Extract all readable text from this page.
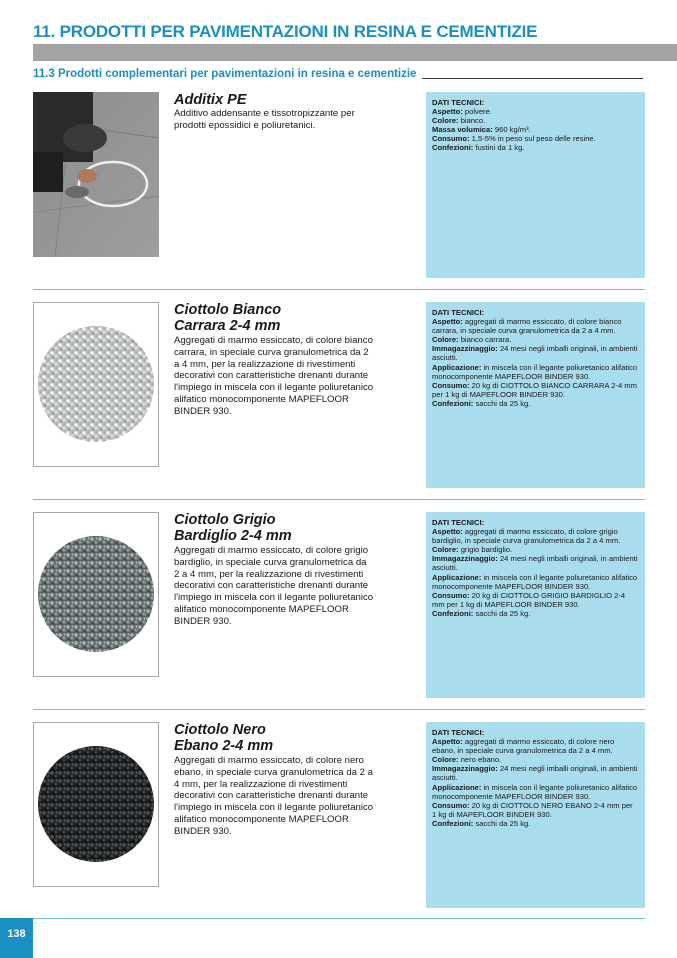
11. PRODOTTI PER PAVIMENTAZIONI IN RESINA E CEMENTIZIE
11.3 Prodotti complementari per pavimentazioni in resina e cementizie
Additix PE

Additivo addensante e tissotropizzante per prodotti epossidici e poliuretanici.

DATI TECNICI:

Aspetto: polvere.

Colore: bianco.

Massa volumica: 960 kg/m³.

Consumo: 1,5-5% in peso sul peso delle resine.

Confezioni: fustini da 1 kg.

Ciottolo Bianco
Carrara 2-4 mm

Aggregati di marmo essiccato, di colore bianco carrara, in speciale curva granulometrica da 2 a 4 mm, per la realizzazione di rivestimenti decorativi con caratteristiche drenanti durante l'impiego in miscela con il legante poliuretanico alifatico monocomponente MAPEFLOOR BINDER 930.

DATI TECNICI:

Aspetto: aggregati di marmo essiccato, di colore bianco carrara, in speciale curva granulometrica da 2 a 4 mm.

Colore: bianco carrara.

Immagazzinaggio: 24 mesi negli imballi originali, in ambienti asciutti.

Applicazione: in miscela con il legante poliuretanico alifatico monocomponente MAPEFLOOR BINDER 930.

Consumo: 20 kg di CIOTTOLO BIANCO CARRARA 2-4 mm per 1 kg di MAPEFLOOR BINDER 930.

Confezioni: sacchi da 25 kg.

Ciottolo Grigio
Bardiglio 2-4 mm

Aggregati di marmo essiccato, di colore grigio bardiglio, in speciale curva granulometrica da 2 a 4 mm, per la realizzazione di rivestimenti decorativi con caratteristiche drenanti durante l'impiego in miscela con il legante poliuretanico alifatico monocomponente MAPEFLOOR BINDER 930.

DATI TECNICI:

Aspetto: aggregati di marmo essiccato, di colore grigio bardiglio, in speciale curva granulometrica da 2 a 4 mm.

Colore: grigio bardiglio.

Immagazzinaggio: 24 mesi negli imballi originali, in ambienti asciutti.

Applicazione: in miscela con il legante poliuretanico alifatico monocomponente MAPEFLOOR BINDER 930.

Consumo: 20 kg di CIOTTOLO GRIGIO BARDIGLIO 2-4 mm per 1 kg di MAPEFLOOR BINDER 930.

Confezioni: sacchi da 25 kg.

Ciottolo Nero
Ebano 2-4 mm

Aggregati di marmo essiccato, di colore nero ebano, in speciale curva granulometrica da 2 a 4 mm, per la realizzazione di rivestimenti decorativi con caratteristiche drenanti durante l'impiego in miscela con il legante poliuretanico alifatico monocomponente MAPEFLOOR BINDER 930.

DATI TECNICI:

Aspetto: aggregati di marmo essiccato, di colore nero ebano, in speciale curva granulometrica da 2 a 4 mm.

Colore: nero ebano.

Immagazzinaggio: 24 mesi negli imballi originali, in ambienti asciutti.

Applicazione: in miscela con il legante poliuretanico alifatico monocomponente MAPEFLOOR BINDER 930.

Consumo: 20 kg di CIOTTOLO NERO EBANO 2-4 mm per 1 kg di MAPEFLOOR BINDER 930.

Confezioni: sacchi da 25 kg.

138
